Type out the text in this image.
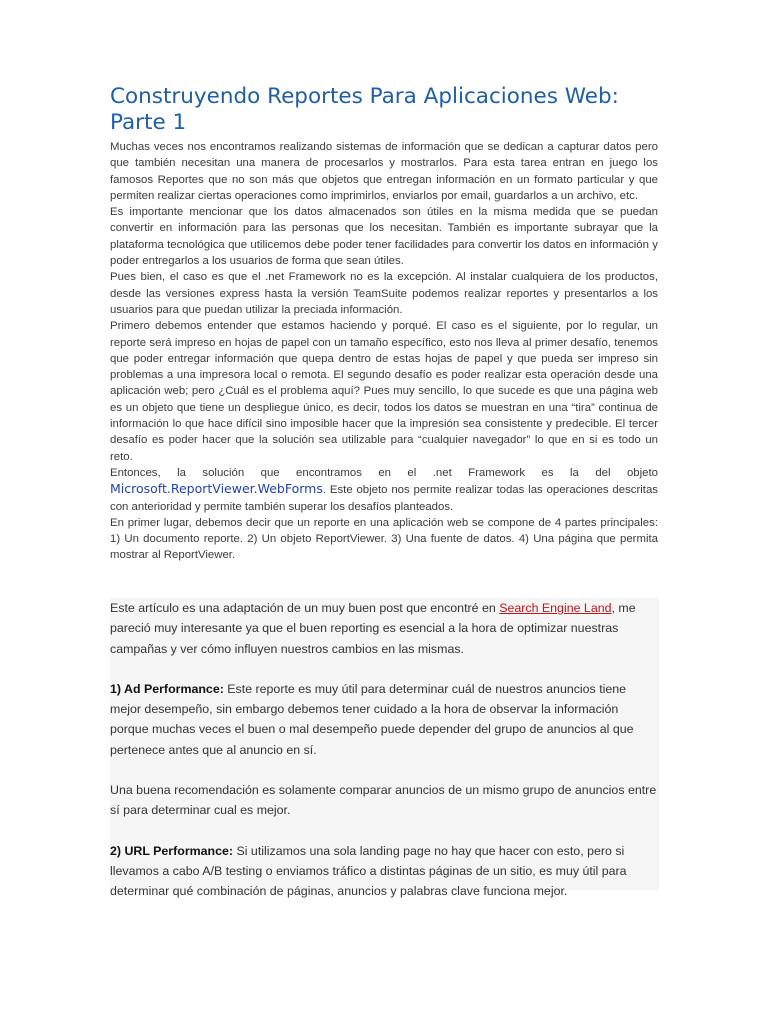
Construyendo Reportes Para Aplicaciones Web: Parte 1

Muchas veces nos encontramos realizando sistemas de información que se dedican a capturar datos pero que también necesitan una manera de procesarlos y mostrarlos. Para esta tarea entran en juego los famosos Reportes que no son más que objetos que entregan información en un formato particular y que permiten realizar ciertas operaciones como imprimirlos, enviarlos por email, guardarlos a un archivo, etc.

Es importante mencionar que los datos almacenados son útiles en la misma medida que se puedan convertir en información para las personas que los necesitan. También es importante subrayar que la plataforma tecnológica que utilicemos debe poder tener facilidades para convertir los datos en información y poder entregarlos a los usuarios de forma que sean útiles.

Pues bien, el caso es que el .net Framework no es la excepción. Al instalar cualquiera de los productos, desde las versiones express hasta la versión TeamSuite podemos realizar reportes y presentarlos a los usuarios para que puedan utilizar la preciada información.

Primero debemos entender que estamos haciendo y porqué. El caso es el siguiente, por lo regular, un reporte será impreso en hojas de papel con un tamaño específico, esto nos lleva al primer desafío, tenemos que poder entregar información que quepa dentro de estas hojas de papel y que pueda ser impreso sin problemas a una impresora local o remota. El segundo desafío es poder realizar esta operación desde una aplicación web; pero ¿Cuál es el problema aquí? Pues muy sencillo, lo que sucede es que una página web es un objeto que tiene un despliegue único, es decir, todos los datos se muestran en una “tira” continua de información lo que hace difícil sino imposible hacer que la impresión sea consistente y predecible. El tercer desafío es poder hacer que la solución sea utilizable para “cualquier navegador” lo que en si es todo un reto.

Entonces, la solución que encontramos en el .net Framework es la del objeto Microsoft.ReportViewer.WebForms. Este objeto nos permite realizar todas las operaciones descritas con anterioridad y permite también superar los desafíos planteados.

En primer lugar, debemos decir que un reporte en una aplicación web se compone de 4 partes principales: 1) Un documento reporte. 2) Un objeto ReportViewer. 3) Una fuente de datos. 4) Una página que permita mostrar al ReportViewer.

Este artículo es una adaptación de un muy buen post que encontré en Search Engine Land, me pareció muy interesante ya que el buen reporting es esencial a la hora de optimizar nuestras campañas y ver cómo influyen nuestros cambios en las mismas.

1) Ad Performance: Este reporte es muy útil para determinar cuál de nuestros anuncios tiene mejor desempeño, sin embargo debemos tener cuidado a la hora de observar la información porque muchas veces el buen o mal desempeño puede depender del grupo de anuncios al que pertenece antes que al anuncio en sí.

Una buena recomendación es solamente comparar anuncios de un mismo grupo de anuncios entre sí para determinar cual es mejor.

2) URL Performance: Si utilizamos una sola landing page no hay que hacer con esto, pero si llevamos a cabo A/B testing o enviamos tráfico a distintas páginas de un sitio, es muy útil para determinar qué combinación de páginas, anuncios y palabras clave funciona mejor.
